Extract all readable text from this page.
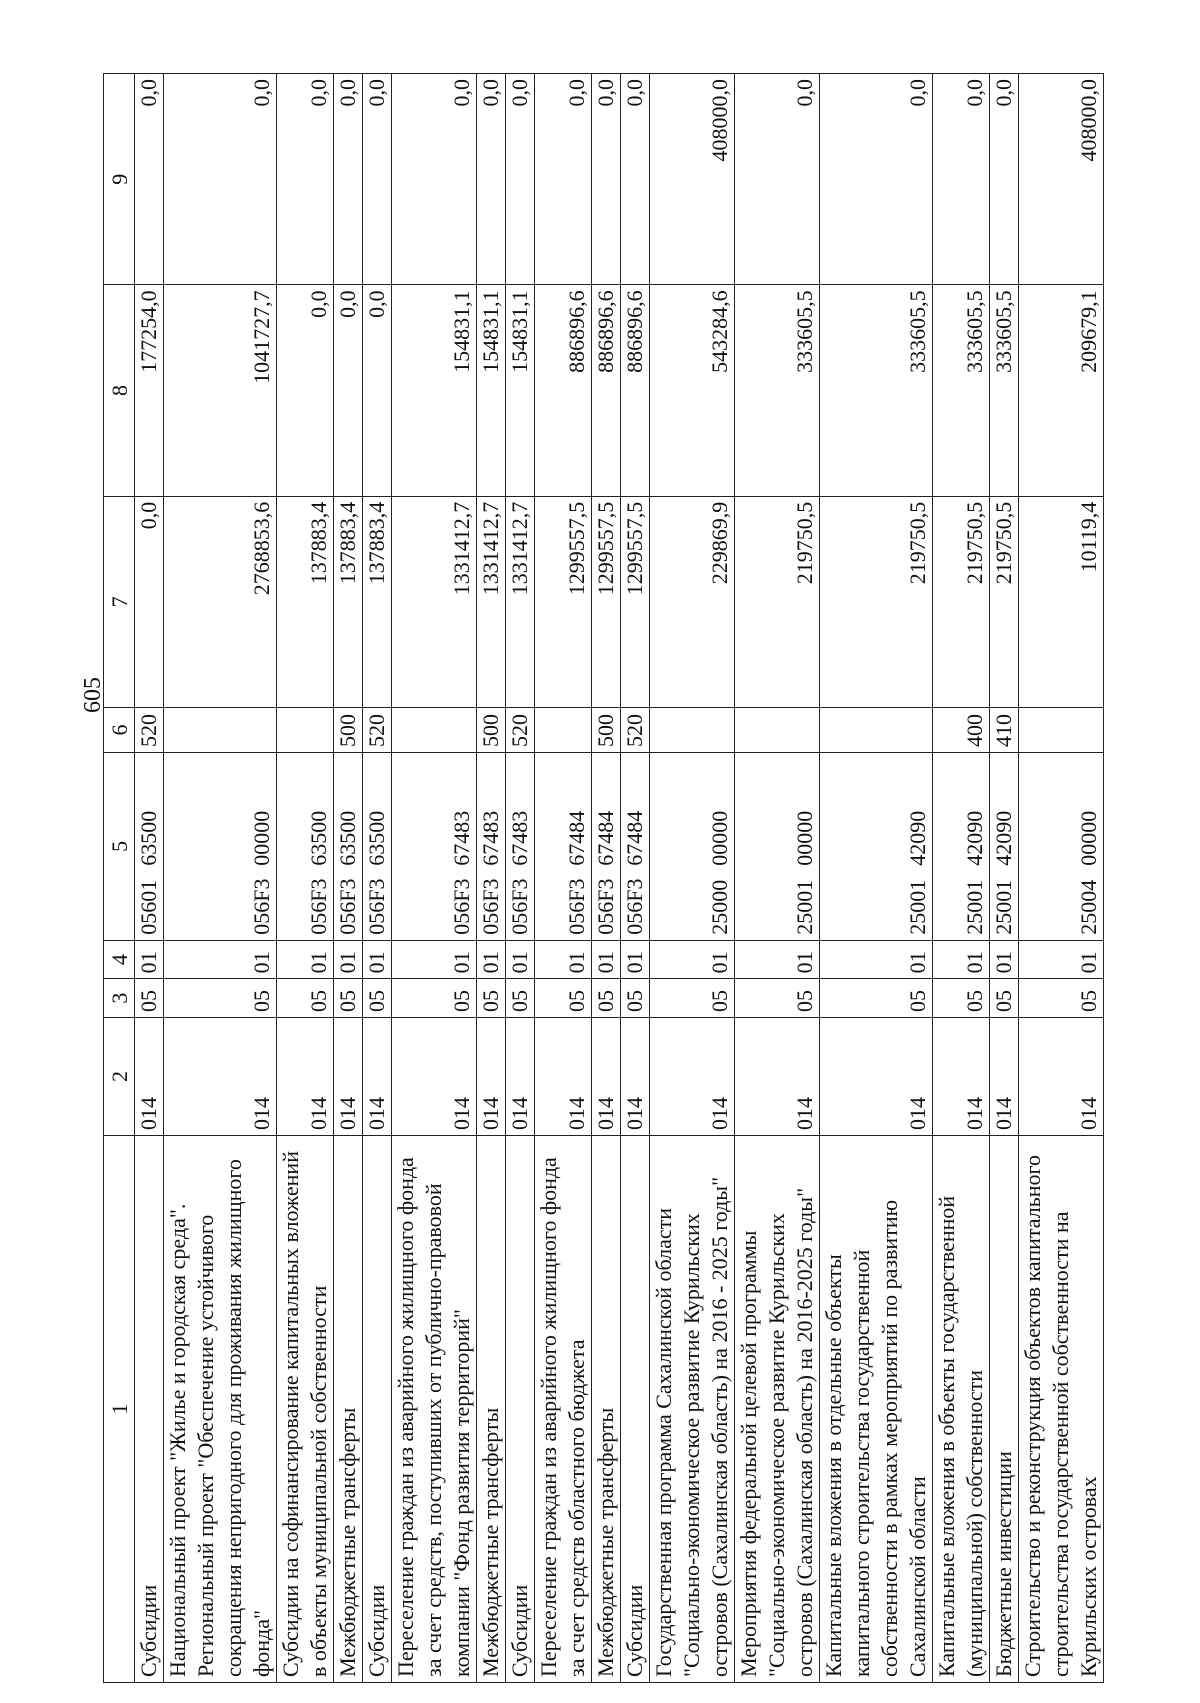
605
1	2	3	4	5	6	7	8	9
Субсидии	014	05	01	0560163500	520	0,0	177254,0	0,0
Национальный проект "Жилье и городская среда". Региональный проект "Обеспечение устойчивого сокращения непригодного для проживания жилищного фонда"	014	05	01	056F300000		2768853,6	1041727,7	0,0
Субсидии на софинансирование капитальных вложений в объекты муниципальной собственности	014	05	01	056F363500		137883,4	0,0	0,0
Межбюджетные трансферты	014	05	01	056F363500	500	137883,4	0,0	0,0
Субсидии	014	05	01	056F363500	520	137883,4	0,0	0,0
Переселение граждан из аварийного жилищного фонда за счет средств, поступивших от публично-правовой компании "Фонд развития территорий"	014	05	01	056F367483		1331412,7	154831,1	0,0
Межбюджетные трансферты	014	05	01	056F367483	500	1331412,7	154831,1	0,0
Субсидии	014	05	01	056F367483	520	1331412,7	154831,1	0,0
Переселение граждан из аварийного жилищного фонда за счет средств областного бюджета	014	05	01	056F367484		1299557,5	886896,6	0,0
Межбюджетные трансферты	014	05	01	056F367484	500	1299557,5	886896,6	0,0
Субсидии	014	05	01	056F367484	520	1299557,5	886896,6	0,0
Государственная программа Сахалинской области "Социально-экономическое развитие Курильских островов (Сахалинская область) на 2016 - 2025 годы"	014	05	01	2500000000		229869,9	543284,6	408000,0
Мероприятия федеральной целевой программы "Социально-экономическое развитие Курильских островов (Сахалинская область) на 2016-2025 годы"	014	05	01	2500100000		219750,5	333605,5	0,0
Капитальные вложения в отдельные объекты капитального строительства государственной собственности в рамках мероприятий по развитию Сахалинской области	014	05	01	2500142090		219750,5	333605,5	0,0
Капитальные вложения в объекты государственной (муниципальной) собственности	014	05	01	2500142090	400	219750,5	333605,5	0,0
Бюджетные инвестиции	014	05	01	2500142090	410	219750,5	333605,5	0,0
Строительство и реконструкция объектов капитального строительства государственной собственности на Курильских островах	014	05	01	2500400000		10119,4	209679,1	408000,0
